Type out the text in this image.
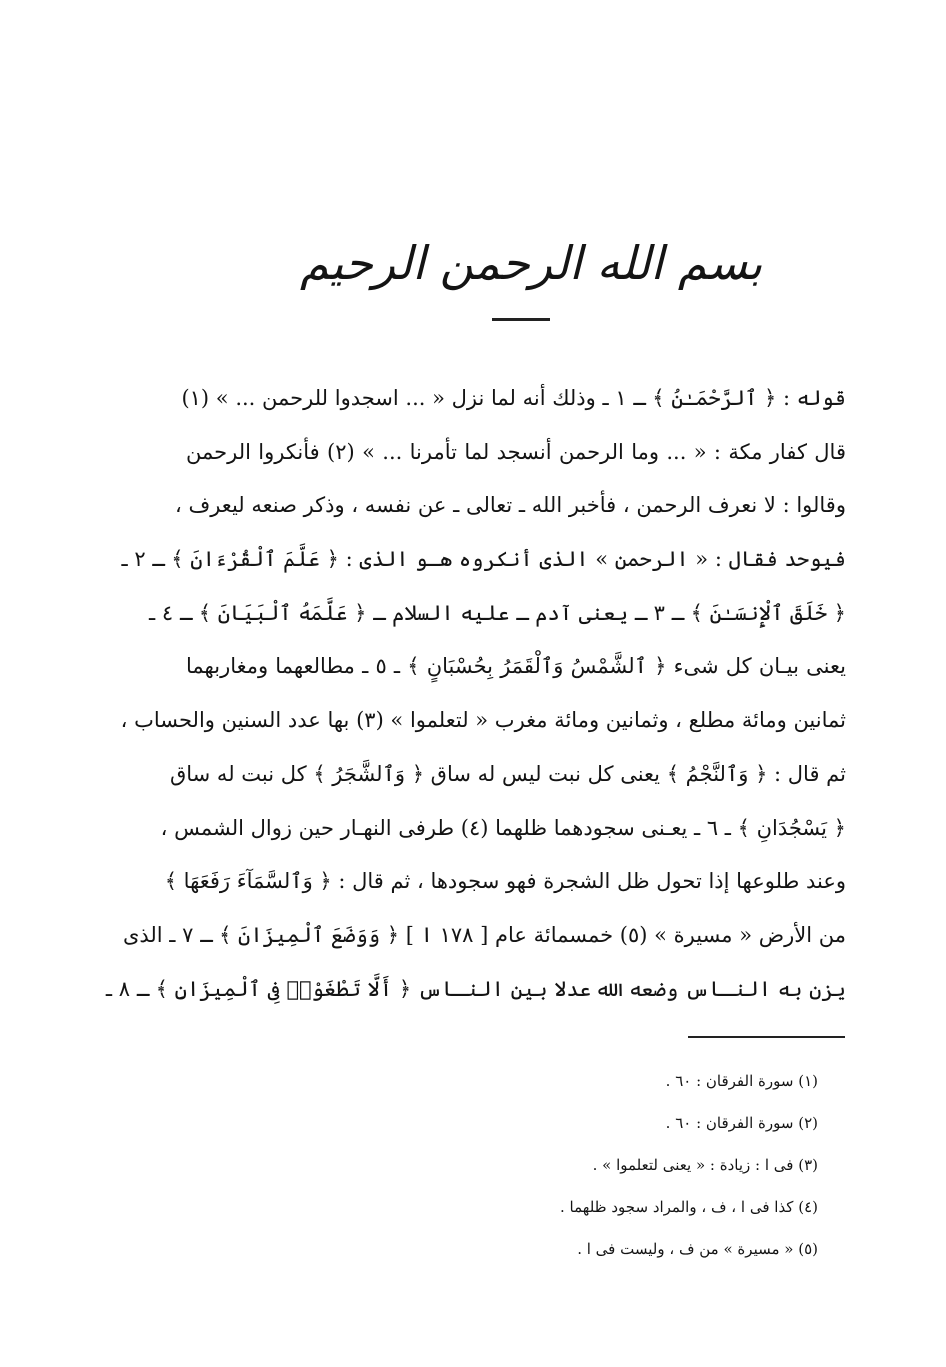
بسم الله الرحمن الرحيم
قوله : ﴿ ٱلرَّحْمَـٰنُ ﴾ ـ ١ ـ وذلك أنه لما نزل « ... اسجدوا للرحمن ... » (١)
قال كفار مكة : « ... وما الرحمن أنسجد لما تأمرنا ... » (٢) فأنكروا الرحمن
وقالوا : لا نعرف الرحمن ، فأخبر الله ـ تعالى ـ عن نفسه ، وذكر صنعه ليعرف ،
فيوحد فقال : « الرحمن » الذى أنكروه هـو الذى : ﴿ عَلَّمَ ٱلْقُرْءَانَ ﴾ ـ ٢ ـ
﴿ خَلَقَ ٱلْإِنسَـٰنَ ﴾ ـ ٣ ـ يعنى آدم ـ عليه السلام ـ ﴿ عَلَّمَهُ ٱلْبَيَانَ ﴾ ـ ٤ ـ
يعنى بيـان كل شىء ﴿ ٱلشَّمْسُ وَٱلْقَمَرُ بِحُسْبَانٍ ﴾ ـ ٥ ـ مطالعهما ومغاربهما
ثمانين ومائة مطلع ، وثمانين ومائة مغرب « لتعلموا » (٣) بها عدد السنين والحساب ،
ثم قال : ﴿ وَٱلنَّجْمُ ﴾ يعنى كل نبت ليس له ساق ﴿ وَٱلشَّجَرُ ﴾ كل نبت له ساق
﴿ يَسْجُدَانِ ﴾ ـ ٦ ـ يعـنى سجودهما ظلهما (٤) طرفى النهـار حين زوال الشمس ،
وعند طلوعها إذا تحول ظل الشجرة فهو سجودها ، ثم قال : ﴿ وَٱلسَّمَآءَ رَفَعَهَا ﴾
من الأرض « مسيرة » (٥) خمسمائة عام [ ١٧٨ ا ] ﴿ وَوَضَعَ ٱلْمِيزَانَ ﴾ ـ ٧ ـ الذى
يزن به النـاس وضعه الله عدلا بين النـاس ﴿ أَلَّا تَطْغَوْا۟ فِى ٱلْمِيزَانِ ﴾ ـ ٨ ـ
(١) سورة الفرقان : ٦٠ .
(٢) سورة الفرقان : ٦٠ .
(٣) فى ا : زيادة : « يعنى لتعلموا » .
(٤) كذا فى ا ، ف ، والمراد سجود ظلهما .
(٥) « مسيرة » من ف ، وليست فى ا .
